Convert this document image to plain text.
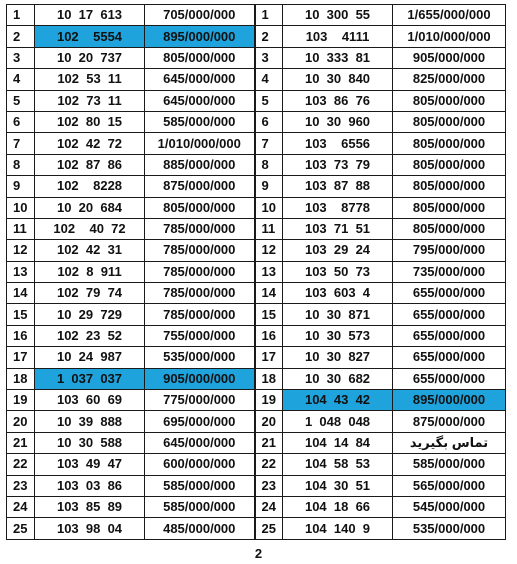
1	10  17  613	705/000/000	1	10  300  55	1/655/000/000
2	102    5554	895/000/000	2	103    4111	1/010/000/000
3	10  20  737	805/000/000	3	10  333  81	905/000/000
4	102  53  11	645/000/000	4	10  30  840	825/000/000
5	102  73  11	645/000/000	5	103  86  76	805/000/000
6	102  80  15	585/000/000	6	10  30  960	805/000/000
7	102  42  72	1/010/000/000	7	103    6556	805/000/000
8	102  87  86	885/000/000	8	103  73  79	805/000/000
9	102    8228	875/000/000	9	103  87  88	805/000/000
10	10  20  684	805/000/000	10	103    8778	805/000/000
11	102    40  72	785/000/000	11	103  71  51	805/000/000
12	102  42  31	785/000/000	12	103  29  24	795/000/000
13	102  8  911	785/000/000	13	103  50  73	735/000/000
14	102  79  74	785/000/000	14	103  603  4	655/000/000
15	10  29  729	785/000/000	15	10  30  871	655/000/000
16	102  23  52	755/000/000	16	10  30  573	655/000/000
17	10  24  987	535/000/000	17	10  30  827	655/000/000
18	1  037  037	905/000/000	18	10  30  682	655/000/000
19	103  60  69	775/000/000	19	104  43  42	895/000/000
20	10  39  888	695/000/000	20	1  048  048	875/000/000
21	10  30  588	645/000/000	21	104  14  84	تماس بگیرید
22	103  49  47	600/000/000	22	104  58  53	585/000/000
23	103  03  86	585/000/000	23	104  30  51	565/000/000
24	103  85  89	585/000/000	24	104  18  66	545/000/000
25	103  98  04	485/000/000	25	104  140  9	535/000/000
2
